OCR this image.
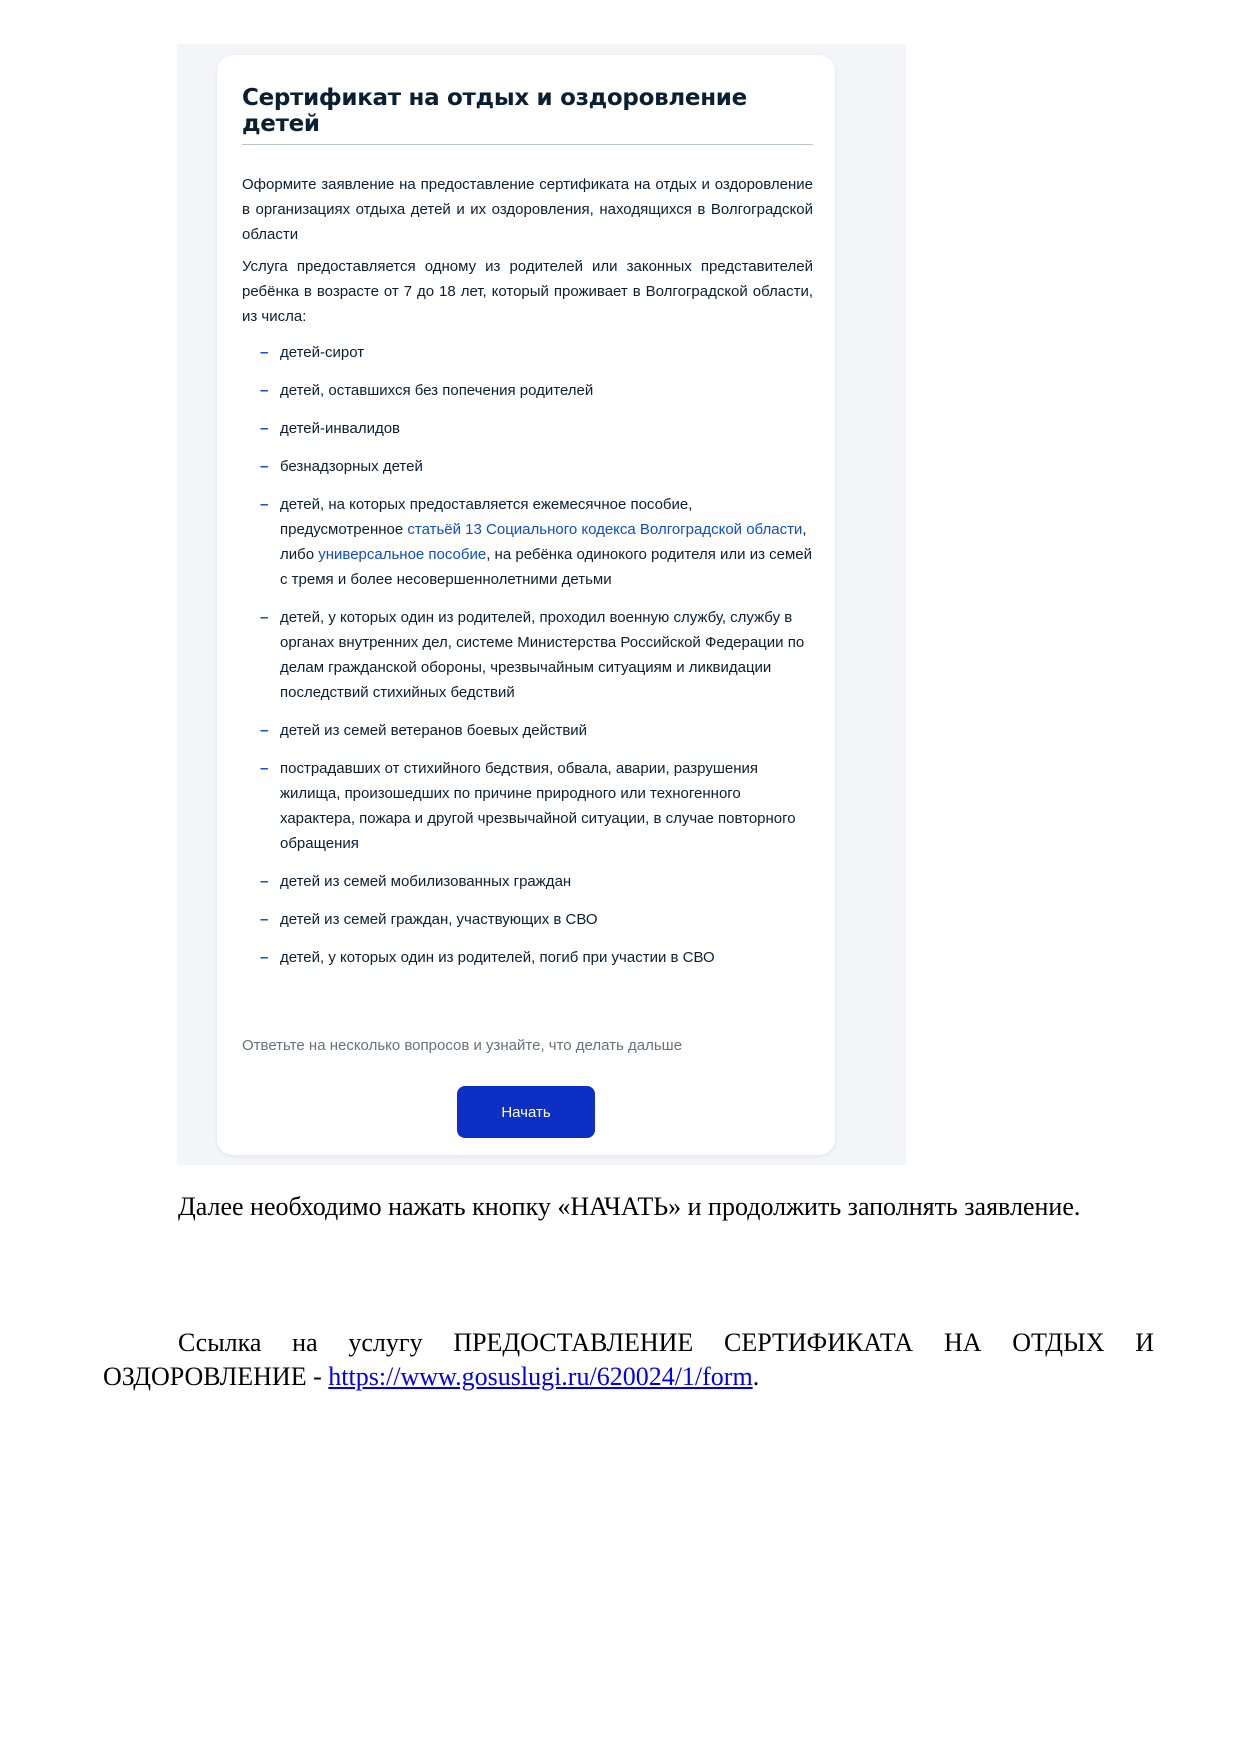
Сертификат на отдых и оздоровление детей

Оформите заявление на предоставление сертификата на отдых и оздоровление в организациях отдыха детей и их оздоровления, находящихся в Волгоградской области

Услуга предоставляется одному из родителей или законных представителей ребёнка в возрасте от 7 до 18 лет, который проживает в Волгоградской области, из числа:

– детей-сирот
– детей, оставшихся без попечения родителей
– детей-инвалидов
– безнадзорных детей
– детей, на которых предоставляется ежемесячное пособие, предусмотренное статьёй 13 Социального кодекса Волгоградской области, либо универсальное пособие, на ребёнка одинокого родителя или из семей с тремя и более несовершеннолетними детьми
– детей, у которых один из родителей, проходил военную службу, службу в органах внутренних дел, системе Министерства Российской Федерации по делам гражданской обороны, чрезвычайным ситуациям и ликвидации последствий стихийных бедствий
– детей из семей ветеранов боевых действий
– пострадавших от стихийного бедствия, обвала, аварии, разрушения жилища, произошедших по причине природного или техногенного характера, пожара и другой чрезвычайной ситуации, в случае повторного обращения
– детей из семей мобилизованных граждан
– детей из семей граждан, участвующих в СВО
– детей, у которых один из родителей, погиб при участии в СВО

Ответьте на несколько вопросов и узнайте, что делать дальше

Начать

Далее необходимо нажать кнопку «НАЧАТЬ» и продолжить заполнять заявление.

Ссылка на услугу ПРЕДОСТАВЛЕНИЕ СЕРТИФИКАТА НА ОТДЫХ И ОЗДОРОВЛЕНИЕ - https://www.gosuslugi.ru/620024/1/form.
